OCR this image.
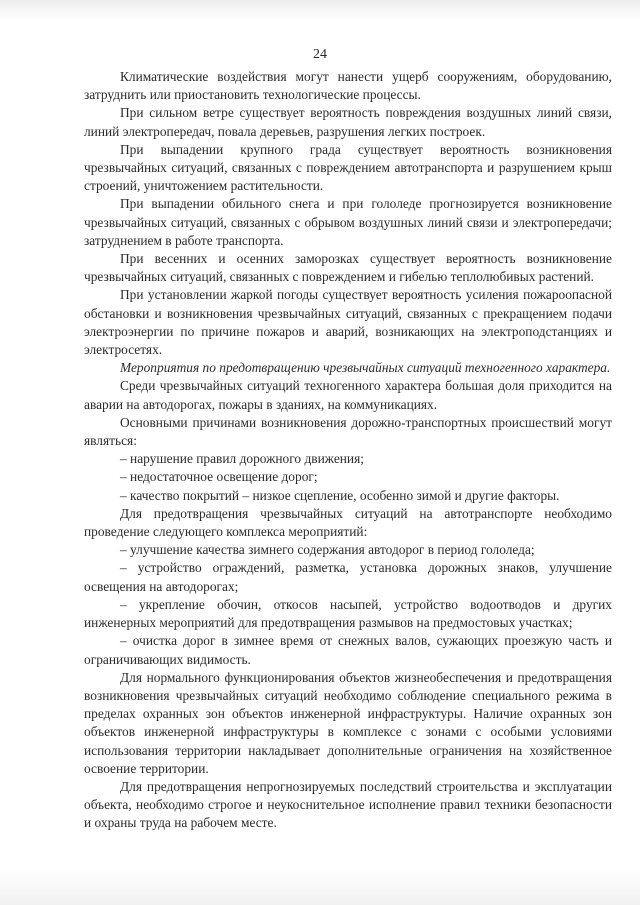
24

Климатические воздействия могут нанести ущерб сооружениям, оборудованию, затруднить или приостановить технологические процессы.

При сильном ветре существует вероятность повреждения воздушных линий связи, линий электропередач, повала деревьев, разрушения легких построек.

При выпадении крупного града существует вероятность возникновения чрезвычайных ситуаций, связанных с повреждением автотранспорта и разрушением крыш строений, уничтожением растительности.

При выпадении обильного снега и при гололеде прогнозируется возникновение чрезвычайных ситуаций, связанных с обрывом воздушных линий связи и электропередачи; затруднением в работе транспорта.

При весенних и осенних заморозках существует вероятность возникновение чрезвычайных ситуаций, связанных с повреждением и гибелью теплолюбивых растений.

При установлении жаркой погоды существует вероятность усиления пожароопасной обстановки и возникновения чрезвычайных ситуаций, связанных с прекращением подачи электроэнергии по причине пожаров и аварий, возникающих на электроподстанциях и электросетях.

Мероприятия по предотвращению чрезвычайных ситуаций техногенного характера.

Среди чрезвычайных ситуаций техногенного характера большая доля приходится на аварии на автодорогах, пожары в зданиях, на коммуникациях.

Основными причинами возникновения дорожно-транспортных происшествий могут являться:

– нарушение правил дорожного движения;

– недостаточное освещение дорог;

– качество покрытий – низкое сцепление, особенно зимой и другие факторы.

Для предотвращения чрезвычайных ситуаций на автотранспорте необходимо проведение следующего комплекса мероприятий:

– улучшение качества зимнего содержания автодорог в период гололеда;

– устройство ограждений, разметка, установка дорожных знаков, улучшение освещения на автодорогах;

– укрепление обочин, откосов насыпей, устройство водоотводов и других инженерных мероприятий для предотвращения размывов на предмостовых участках;

– очистка дорог в зимнее время от снежных валов, сужающих проезжую часть и ограничивающих видимость.

Для нормального функционирования объектов жизнеобеспечения и предотвращения возникновения чрезвычайных ситуаций необходимо соблюдение специального режима в пределах охранных зон объектов инженерной инфраструктуры. Наличие охранных зон объектов инженерной инфраструктуры в комплексе с зонами с особыми условиями использования территории накладывает дополнительные ограничения на хозяйственное освоение территории.

Для предотвращения непрогнозируемых последствий строительства и эксплуатации объекта, необходимо строгое и неукоснительное исполнение правил техники безопасности и охраны труда на рабочем месте.
